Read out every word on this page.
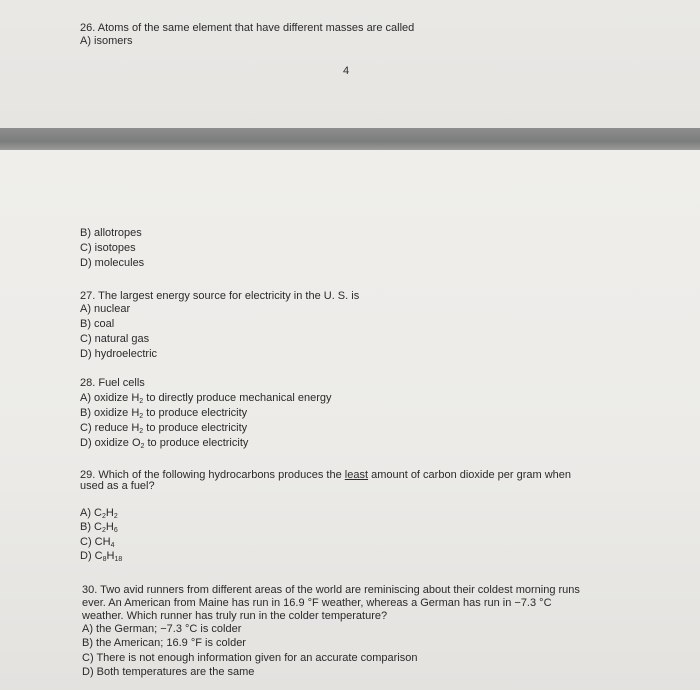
26. Atoms of the same element that have different masses are called
A) isomers
4
B) allotropes
C) isotopes
D) molecules
27. The largest energy source for electricity in the U. S. is
A) nuclear
B) coal
C) natural gas
D) hydroelectric
28. Fuel cells
A) oxidize $H_2$ to directly produce mechanical energy
B) oxidize $H_2$ to produce electricity
C) reduce $H_2$ to produce electricity
D) oxidize $O_2$ to produce electricity
29. Which of the following hydrocarbons produces the least amount of carbon dioxide per gram when
used as a fuel?
A) $C_2H_2$
B) $C_2H_6$
C) $CH_4$
D) $C_8H_{18}$
30. Two avid runners from different areas of the world are reminiscing about their coldest morning runs
ever. An American from Maine has run in 16.9 °F weather, whereas a German has run in −7.3 °C
weather. Which runner has truly run in the colder temperature?
A) the German; −7.3 °C is colder
B) the American; 16.9 °F is colder
C) There is not enough information given for an accurate comparison
D) Both temperatures are the same
